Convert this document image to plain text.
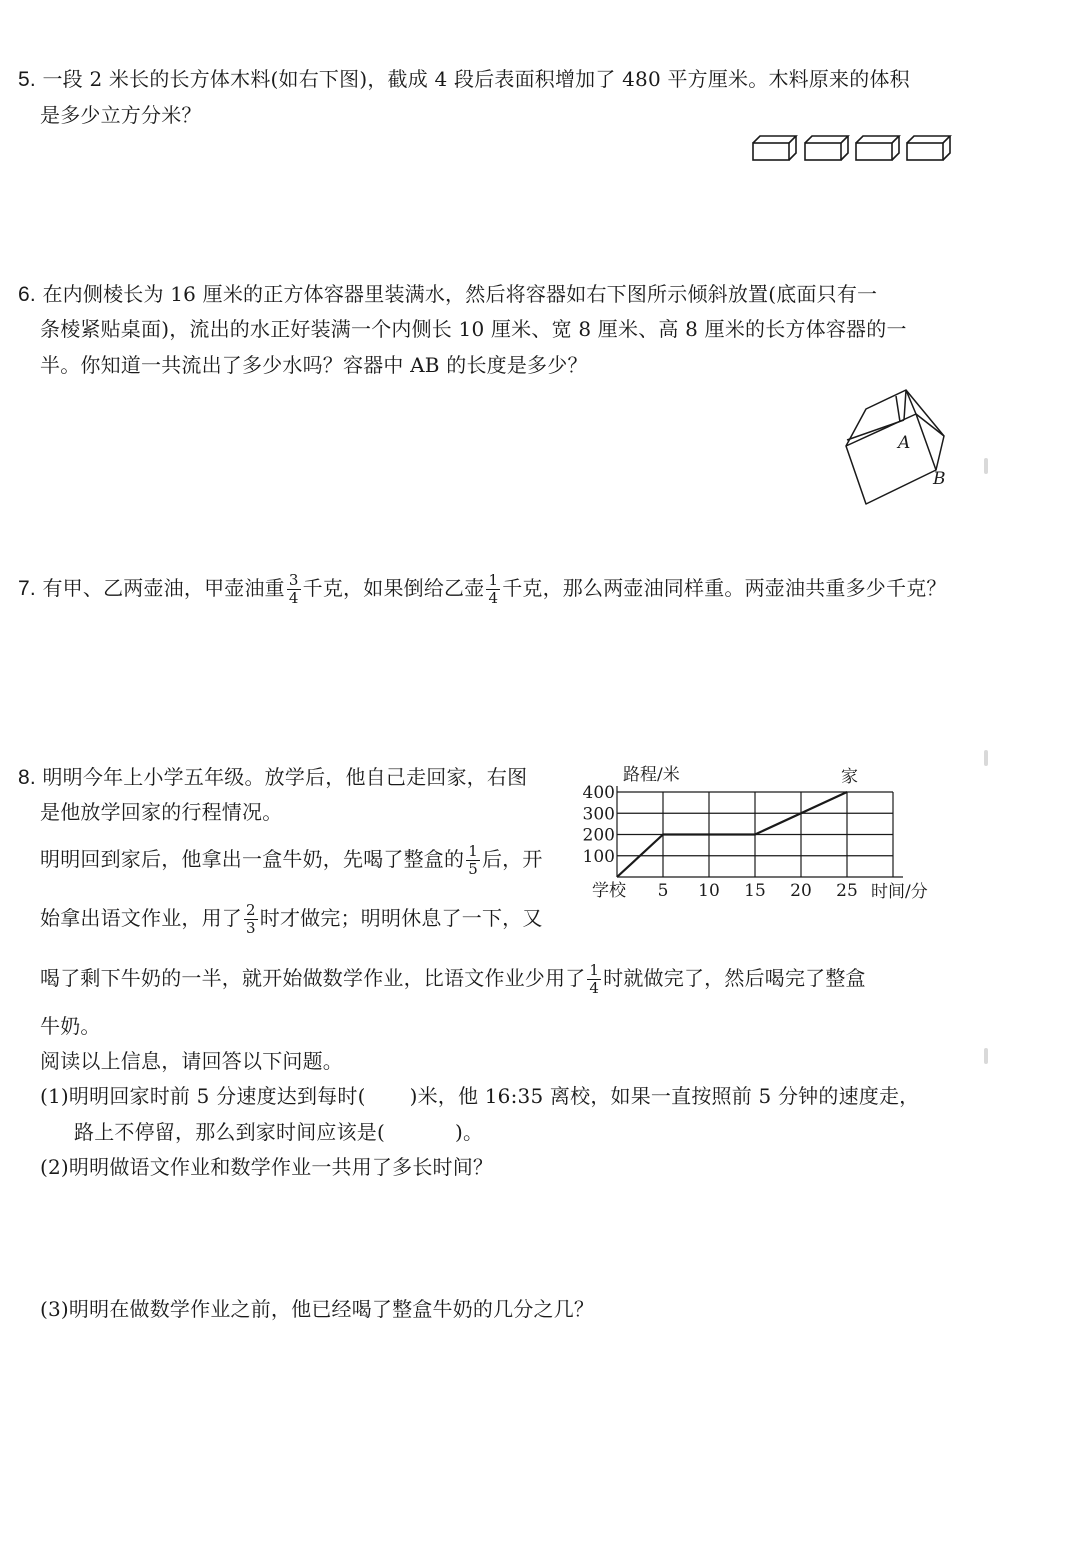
5. 一段 2 米长的长方体木料(如右下图)，截成 4 段后表面积增加了 480 平方厘米。木料原来的体积
是多少立方分米？
6. 在内侧棱长为 16 厘米的正方体容器里装满水，然后将容器如右下图所示倾斜放置(底面只有一
条棱紧贴桌面)，流出的水正好装满一个内侧长 10 厘米、宽 8 厘米、高 8 厘米的长方体容器的一
半。你知道一共流出了多少水吗？容器中 AB 的长度是多少？
A
B
7. 有甲、乙两壶油，甲壶油重 $\frac{3}{4}$ 千克，如果倒给乙壶 $\frac{1}{4}$ 千克，那么两壶油同样重。两壶油共重多少千克？
8. 明明今年上小学五年级。放学后，他自己走回家，右图
是他放学回家的行程情况。
明明回到家后，他拿出一盒牛奶，先喝了整盒的 $\frac{1}{5}$ 后，开
始拿出语文作业，用了 $\frac{2}{3}$ 时才做完；明明休息了一下，又
喝了剩下牛奶的一半，就开始做数学作业，比语文作业少用了 $\frac{1}{4}$ 时就做完了，然后喝完了整盒
牛奶。
阅读以上信息，请回答以下问题。
(1)明明回家时前 5 分速度达到每时( )米，他 16:35 离校，如果一直按照前 5 分钟的速度走，
路上不停留，那么到家时间应该是(	)。
(2)明明做语文作业和数学作业一共用了多长时间？
(3)明明在做数学作业之前，他已经喝了整盒牛奶的几分之几？
100
200
300
400
5 10 15 20 25
路程/米	家
学校	时间/分
